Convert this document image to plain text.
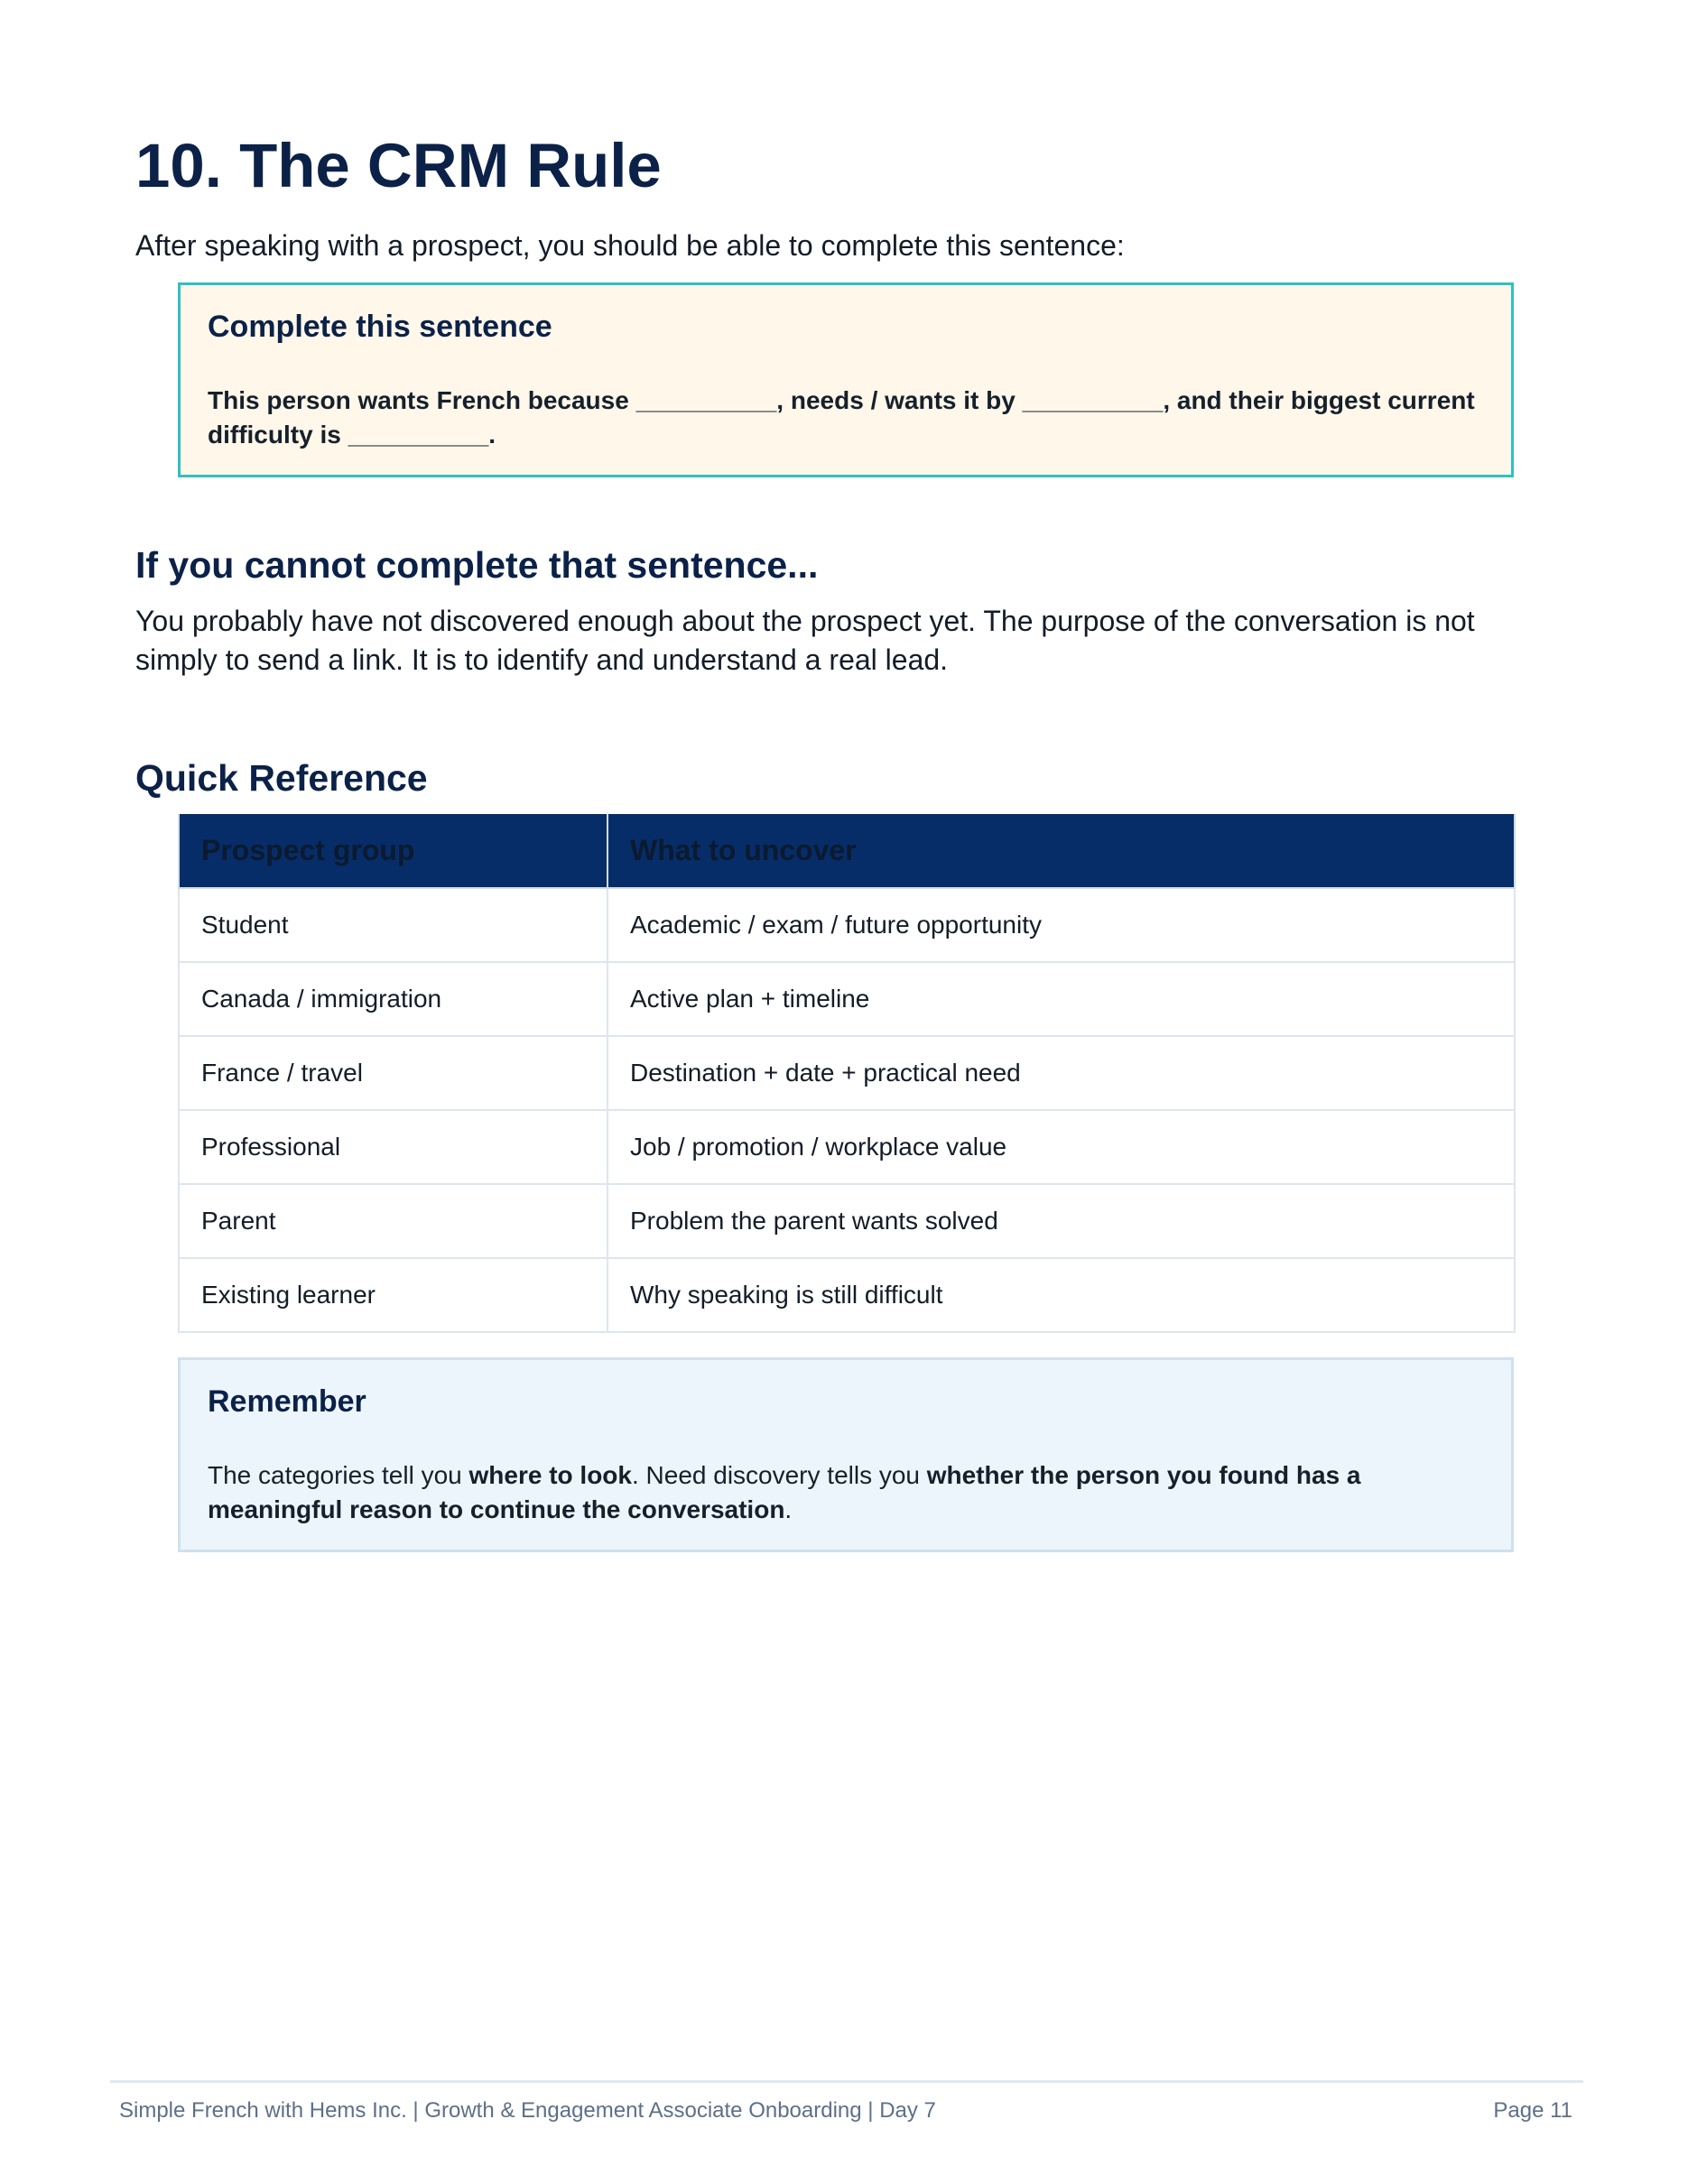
10. The CRM Rule

After speaking with a prospect, you should be able to complete this sentence:

Complete this sentence

This person wants French because __________, needs / wants it by __________, and their biggest current difficulty is __________.

If you cannot complete that sentence...

You probably have not discovered enough about the prospect yet. The purpose of the conversation is not simply to send a link. It is to identify and understand a real lead.

Quick Reference
Prospect group	What to uncover
Student	Academic / exam / future opportunity
Canada / immigration	Active plan + timeline
France / travel	Destination + date + practical need
Professional	Job / promotion / workplace value
Parent	Problem the parent wants solved
Existing learner	Why speaking is still difficult
Remember

The categories tell you where to look. Need discovery tells you whether the person you found has a meaningful reason to continue the conversation.

Simple French with Hems Inc. | Growth & Engagement Associate Onboarding | Day 7	Page 11
